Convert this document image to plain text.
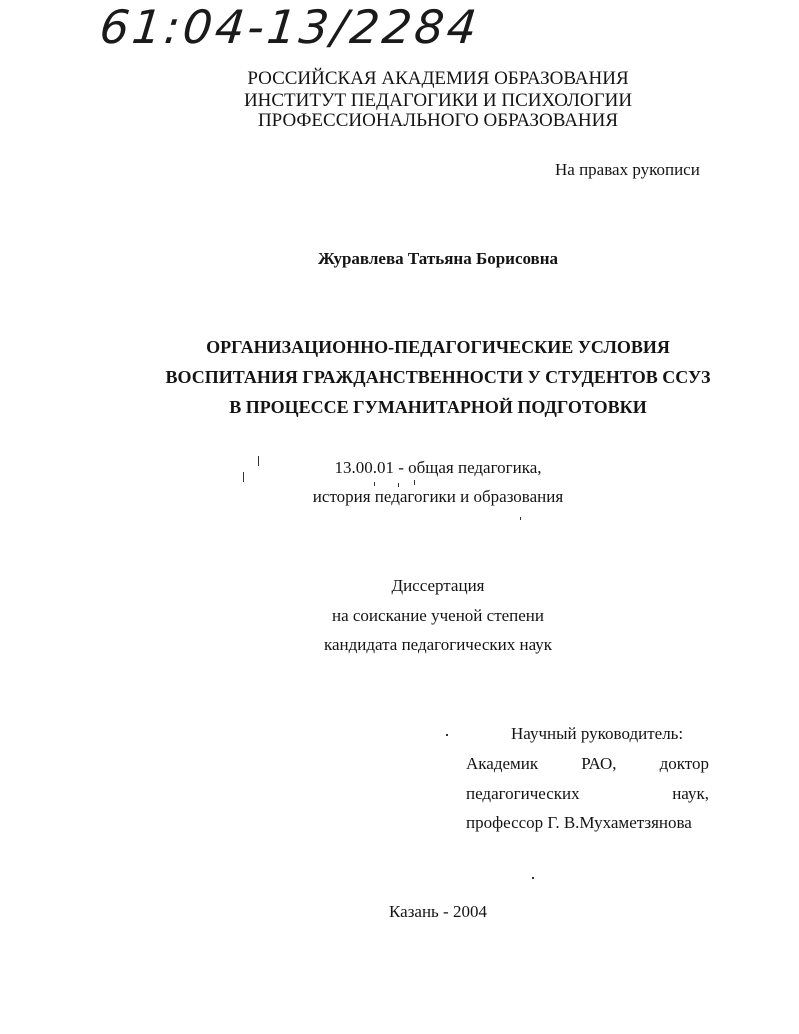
61:04-13/2284
РОССИЙСКАЯ АКАДЕМИЯ ОБРАЗОВАНИЯ
ИНСТИТУТ ПЕДАГОГИКИ И ПСИХОЛОГИИ
ПРОФЕССИОНАЛЬНОГО ОБРАЗОВАНИЯ
На правах рукописи
Журавлева Татьяна Борисовна
ОРГАНИЗАЦИОННО-ПЕДАГОГИЧЕСКИЕ УСЛОВИЯ
ВОСПИТАНИЯ ГРАЖДАНСТВЕННОСТИ У СТУДЕНТОВ ССУЗ
В ПРОЦЕССЕ ГУМАНИТАРНОЙ ПОДГОТОВКИ
13.00.01 - общая педагогика,
история педагогики и образования
Диссертация
на соискание ученой степени
кандидата педагогических наук
Научный руководитель:
Академик	РАО,	доктор
педагогических	наук,
профессор Г. В.Мухаметзянова
Казань - 2004
